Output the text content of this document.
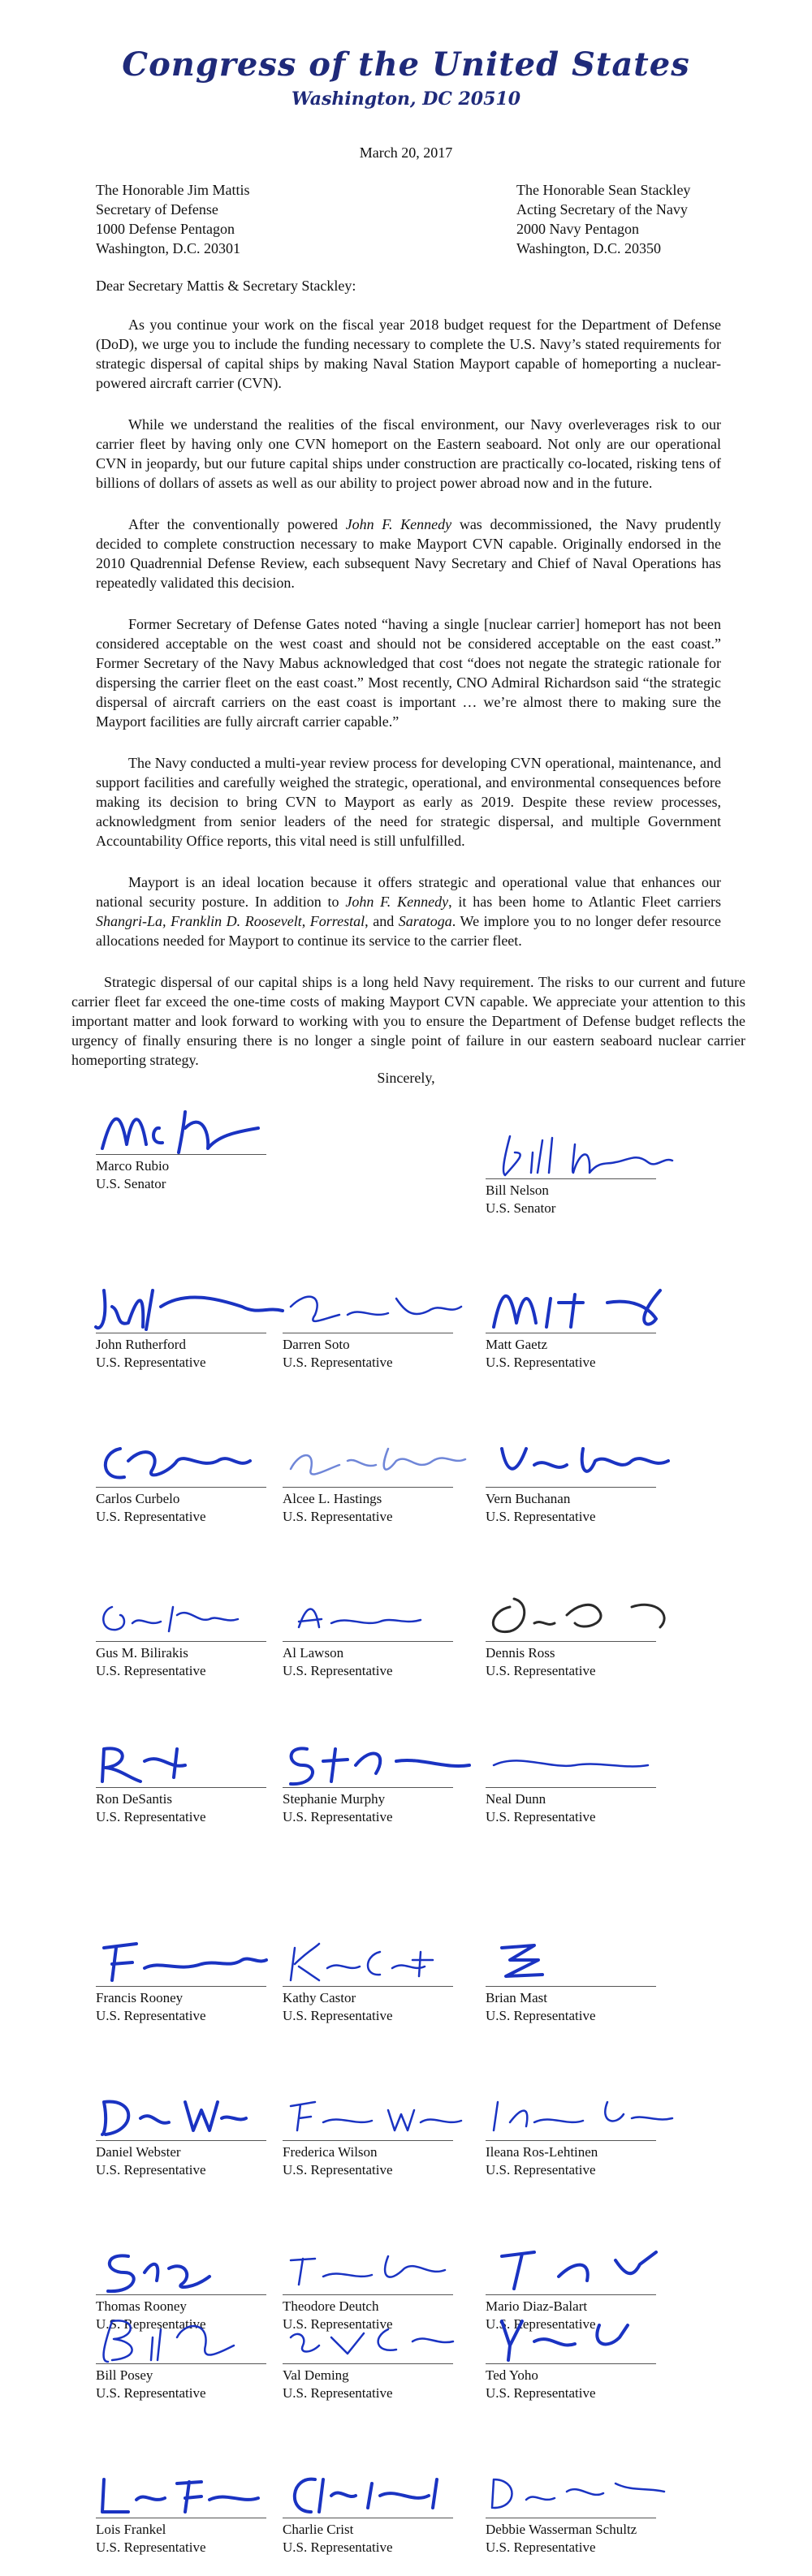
Congress of the United States
Washington, DC 20510
March 20, 2017
The Honorable Jim Mattis
Secretary of Defense
1000 Defense Pentagon
Washington, D.C. 20301
The Honorable Sean Stackley
Acting Secretary of the Navy
2000 Navy Pentagon
Washington, D.C. 20350
Dear Secretary Mattis & Secretary Stackley:

As you continue your work on the fiscal year 2018 budget request for the Department of Defense (DoD), we urge you to include the funding necessary to complete the U.S. Navy’s stated requirements for strategic dispersal of capital ships by making Naval Station Mayport capable of homeporting a nuclear-powered aircraft carrier (CVN).

While we understand the realities of the fiscal environment, our Navy overleverages risk to our carrier fleet by having only one CVN homeport on the Eastern seaboard. Not only are our operational CVN in jeopardy, but our future capital ships under construction are practically co-located, risking tens of billions of dollars of assets as well as our ability to project power abroad now and in the future.

After the conventionally powered John F. Kennedy was decommissioned, the Navy prudently decided to complete construction necessary to make Mayport CVN capable. Originally endorsed in the 2010 Quadrennial Defense Review, each subsequent Navy Secretary and Chief of Naval Operations has repeatedly validated this decision.

Former Secretary of Defense Gates noted “having a single [nuclear carrier] homeport has not been considered acceptable on the west coast and should not be considered acceptable on the east coast.” Former Secretary of the Navy Mabus acknowledged that cost “does not negate the strategic rationale for dispersing the carrier fleet on the east coast.” Most recently, CNO Admiral Richardson said “the strategic dispersal of aircraft carriers on the east coast is important … we’re almost there to making sure the Mayport facilities are fully aircraft carrier capable.”

The Navy conducted a multi-year review process for developing CVN operational, maintenance, and support facilities and carefully weighed the strategic, operational, and environmental consequences before making its decision to bring CVN to Mayport as early as 2019. Despite these review processes, acknowledgment from senior leaders of the need for strategic dispersal, and multiple Government Accountability Office reports, this vital need is still unfulfilled.

Mayport is an ideal location because it offers strategic and operational value that enhances our national security posture. In addition to John F. Kennedy, it has been home to Atlantic Fleet carriers Shangri-La, Franklin D. Roosevelt, Forrestal, and Saratoga. We implore you to no longer defer resource allocations needed for Mayport to continue its service to the carrier fleet.

Strategic dispersal of our capital ships is a long held Navy requirement. The risks to our current and future carrier fleet far exceed the one-time costs of making Mayport CVN capable. We appreciate your attention to this important matter and look forward to working with you to ensure the Department of Defense budget reflects the urgency of finally ensuring there is no longer a single point of failure in our eastern seaboard nuclear carrier homeporting strategy.

Sincerely,
Marco Rubio
U.S. Senator	Bill Nelson
U.S. Senator
John Rutherford
U.S. Representative
Darren Soto
U.S. Representative
Matt Gaetz
U.S. Representative
Carlos Curbelo
U.S. Representative
Alcee L. Hastings
U.S. Representative
Vern Buchanan
U.S. Representative
Gus M. Bilirakis
U.S. Representative
Al Lawson
U.S. Representative
Dennis Ross
U.S. Representative
Ron DeSantis
U.S. Representative
Stephanie Murphy
U.S. Representative
Neal Dunn
U.S. Representative
Francis Rooney
U.S. Representative
Kathy Castor
U.S. Representative
Brian Mast
U.S. Representative
Daniel Webster
U.S. Representative
Frederica Wilson
U.S. Representative
Ileana Ros-Lehtinen
U.S. Representative
Thomas Rooney
U.S. Representative
Theodore Deutch
U.S. Representative
Mario Diaz-Balart
U.S. Representative
Bill Posey
U.S. Representative
Val Deming
U.S. Representative
Ted Yoho
U.S. Representative
Lois Frankel
U.S. Representative
Charlie Crist
U.S. Representative
Debbie Wasserman Schultz
U.S. Representative
